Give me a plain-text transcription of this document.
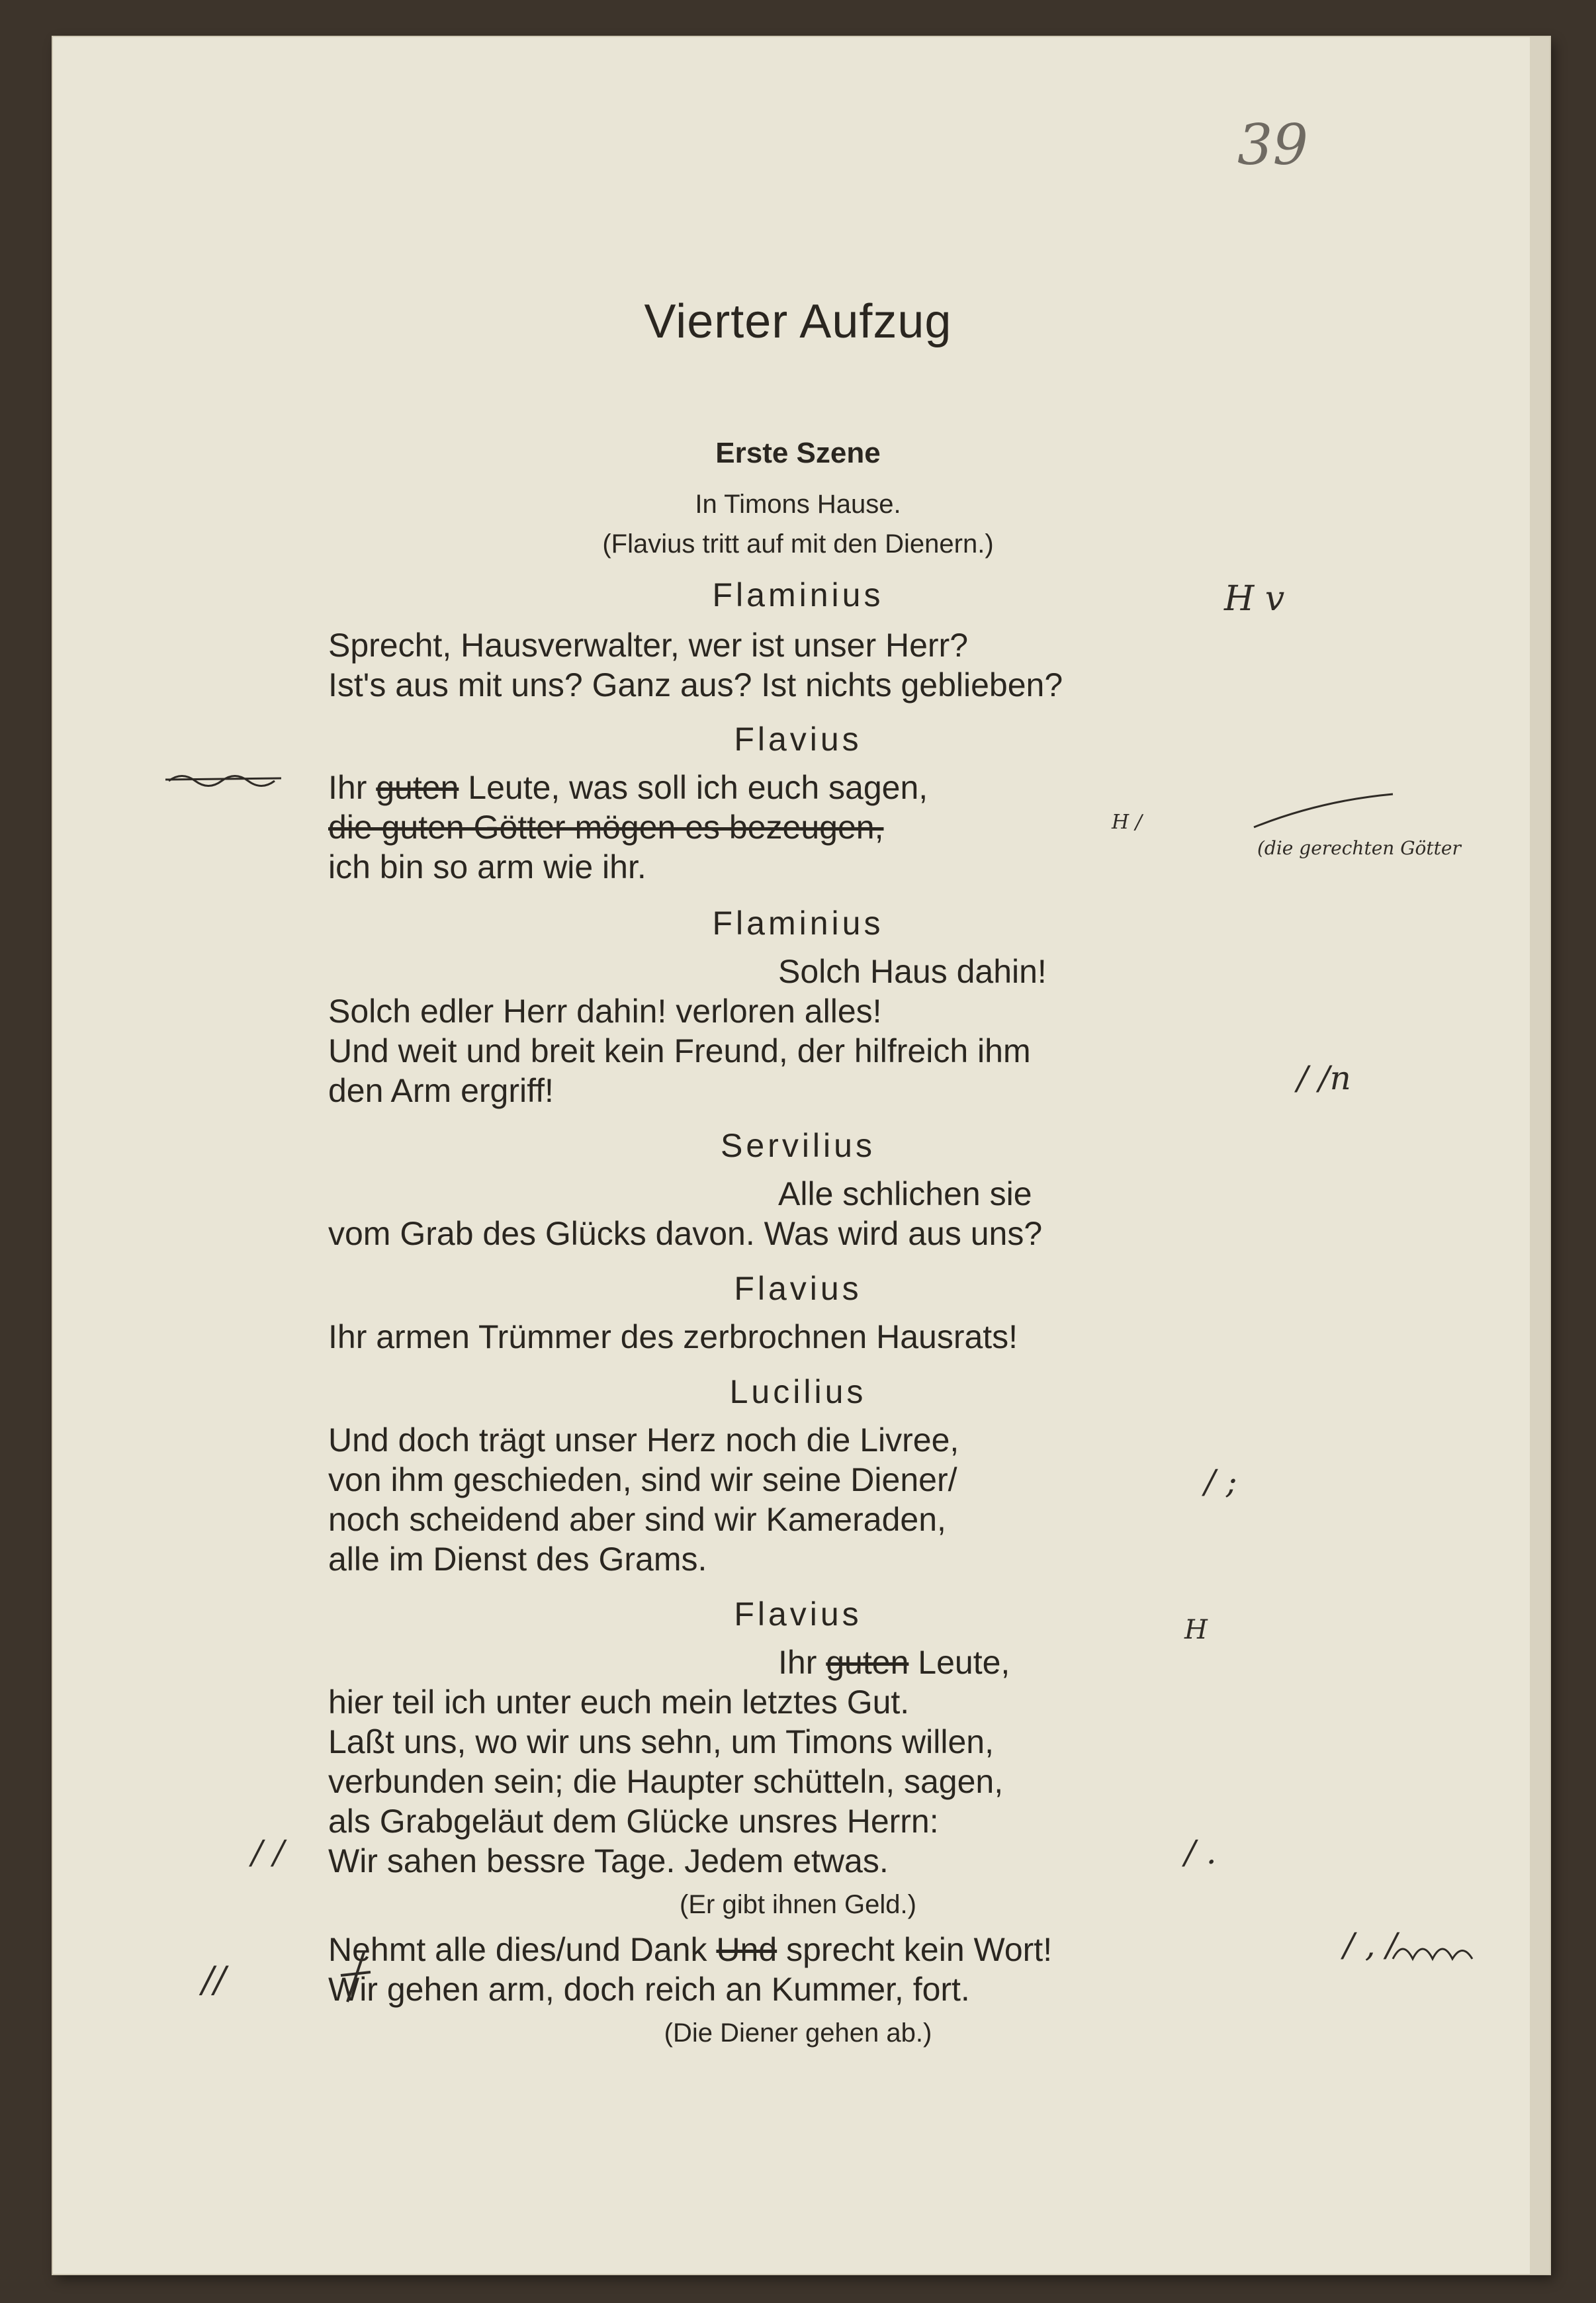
39
Vierter Aufzug
Erste Szene
In Timons Hause.
(Flavius tritt auf mit den Dienern.)
Flaminius
Sprecht, Hausverwalter, wer ist unser Herr?
Ist's aus mit uns? Ganz aus? Ist nichts geblieben?
Flavius
Ihr guten Leute, was soll ich euch sagen,
die guten Götter mögen es bezeugen,
ich bin so arm wie ihr.
Flaminius
Solch Haus dahin!
Solch edler Herr dahin! verloren alles!
Und weit und breit kein Freund, der hilfreich ihm
den Arm ergriff!
Servilius
Alle schlichen sie
vom Grab des Glücks davon. Was wird aus uns?
Flavius
Ihr armen Trümmer des zerbrochnen Hausrats!
Lucilius
Und doch trägt unser Herz noch die Livree,
von ihm geschieden, sind wir seine Diener/
noch scheidend aber sind wir Kameraden,
alle im Dienst des Grams.
Flavius
Ihr guten Leute,
hier teil ich unter euch mein letztes Gut.
Laßt uns, wo wir uns sehn, um Timons willen,
verbunden sein; die Haupter schütteln, sagen,
als Grabgeläut dem Glücke unsres Herrn:
Wir sahen bessre Tage. Jedem etwas.
(Er gibt ihnen Geld.)
Nehmt alle dies/und Dank Und sprecht kein Wort!
Wir gehen arm, doch reich an Kummer, fort.
(Die Diener gehen ab.)
H v
H /
(die gerechten Götter
/ /n
/ ;
H
/ .
/ /
/ , /
//
